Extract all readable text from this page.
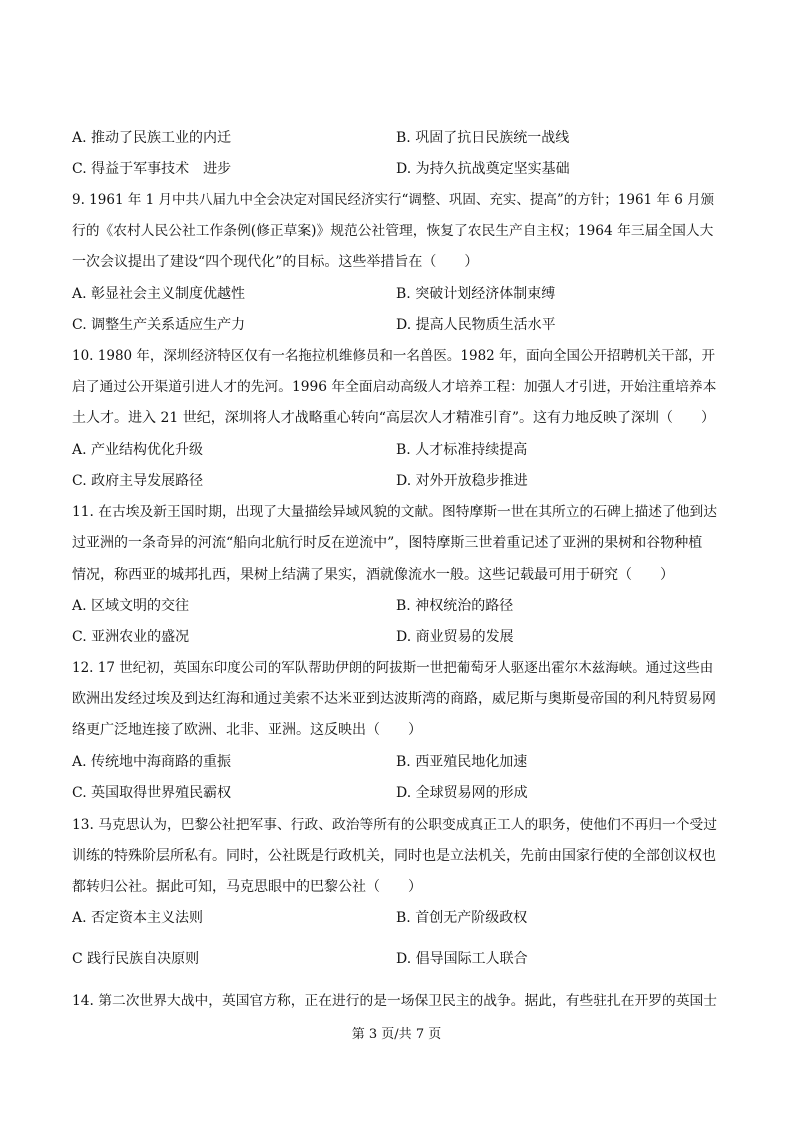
A. 推动了民族工业的内迁	B. 巩固了抗日民族统一战线
C. 得益于军事技术　进步	D. 为持久抗战奠定坚实基础
9. 1961 年 1 月中共八届九中全会决定对国民经济实行“调整、巩固、充实、提高”的方针；1961 年 6 月颁
行的《农村人民公社工作条例(修正草案)》规范公社管理，恢复了农民生产自主权；1964 年三届全国人大
一次会议提出了建设“四个现代化”的目标。这些举措旨在（　　）
A. 彰显社会主义制度优越性	B. 突破计划经济体制束缚
C. 调整生产关系适应生产力	D. 提高人民物质生活水平
10. 1980 年，深圳经济特区仅有一名拖拉机维修员和一名兽医。1982 年，面向全国公开招聘机关干部，开
启了通过公开渠道引进人才的先河。1996 年全面启动高级人才培养工程：加强人才引进，开始注重培养本
土人才。进入 21 世纪，深圳将人才战略重心转向“高层次人才精准引育”。这有力地反映了深圳（　　）
A. 产业结构优化升级	B. 人才标准持续提高
C. 政府主导发展路径	D. 对外开放稳步推进
11. 在古埃及新王国时期，出现了大量描绘异域风貌的文献。图特摩斯一世在其所立的石碑上描述了他到达
过亚洲的一条奇异的河流“船向北航行时反在逆流中”，图特摩斯三世着重记述了亚洲的果树和谷物种植
情况，称西亚的城邦扎西，果树上结满了果实，酒就像流水一般。这些记载最可用于研究（　　）
A. 区域文明的交往	B. 神权统治的路径
C. 亚洲农业的盛况	D. 商业贸易的发展
12. 17 世纪初，英国东印度公司的军队帮助伊朗的阿拔斯一世把葡萄牙人驱逐出霍尔木兹海峡。通过这些由
欧洲出发经过埃及到达红海和通过美索不达米亚到达波斯湾的商路，威尼斯与奥斯曼帝国的利凡特贸易网
络更广泛地连接了欧洲、北非、亚洲。这反映出（　　）
A. 传统地中海商路的重振	B. 西亚殖民地化加速
C. 英国取得世界殖民霸权	D. 全球贸易网的形成
13. 马克思认为，巴黎公社把军事、行政、政治等所有的公职变成真正工人的职务，使他们不再归一个受过
训练的特殊阶层所私有。同时，公社既是行政机关，同时也是立法机关，先前由国家行使的全部创议权也
都转归公社。据此可知，马克思眼中的巴黎公社（　　）
A. 否定资本主义法则	B. 首创无产阶级政权
C 践行民族自决原则	D. 倡导国际工人联合
14. 第二次世界大战中，英国官方称，正在进行的是一场保卫民主的战争。据此，有些驻扎在开罗的英国士
第 3 页/共 7 页
